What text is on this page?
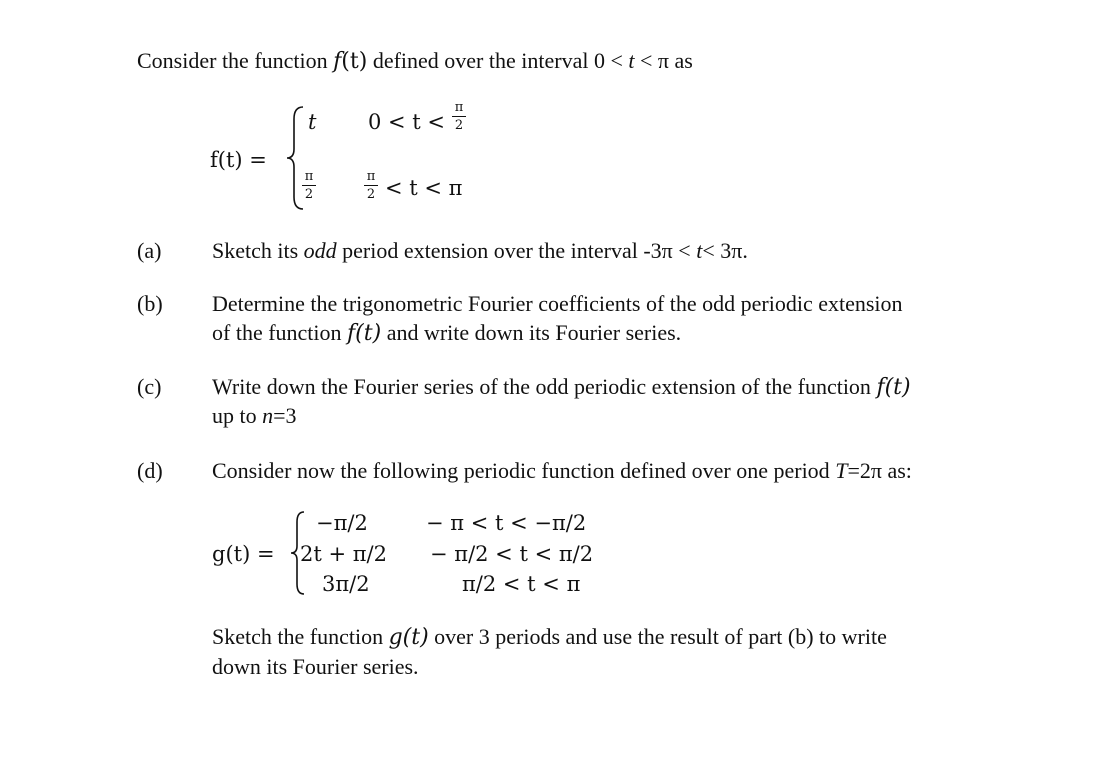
Consider the function f(t) defined over the interval 0 < t < π as
f(t) =
t 0 < t <
π
2
π
2
π
2 < t < π
(a) Sketch its odd period extension over the interval -3π < t< 3π.
(b) Determine the trigonometric Fourier coefficients of the odd periodic extension
of the function f(t) and write down its Fourier series.
(c) Write down the Fourier series of the odd periodic extension of the function f(t)
up to n=3
(d) Consider now the following periodic function defined over one period T=2π as:
g(t) =
−π/2	− π < t < −π/2
2t + π/2 − π/2 < t < π/2
3π/2	π/2 < t < π
Sketch the function g(t) over 3 periods and use the result of part (b) to write
down its Fourier series.
